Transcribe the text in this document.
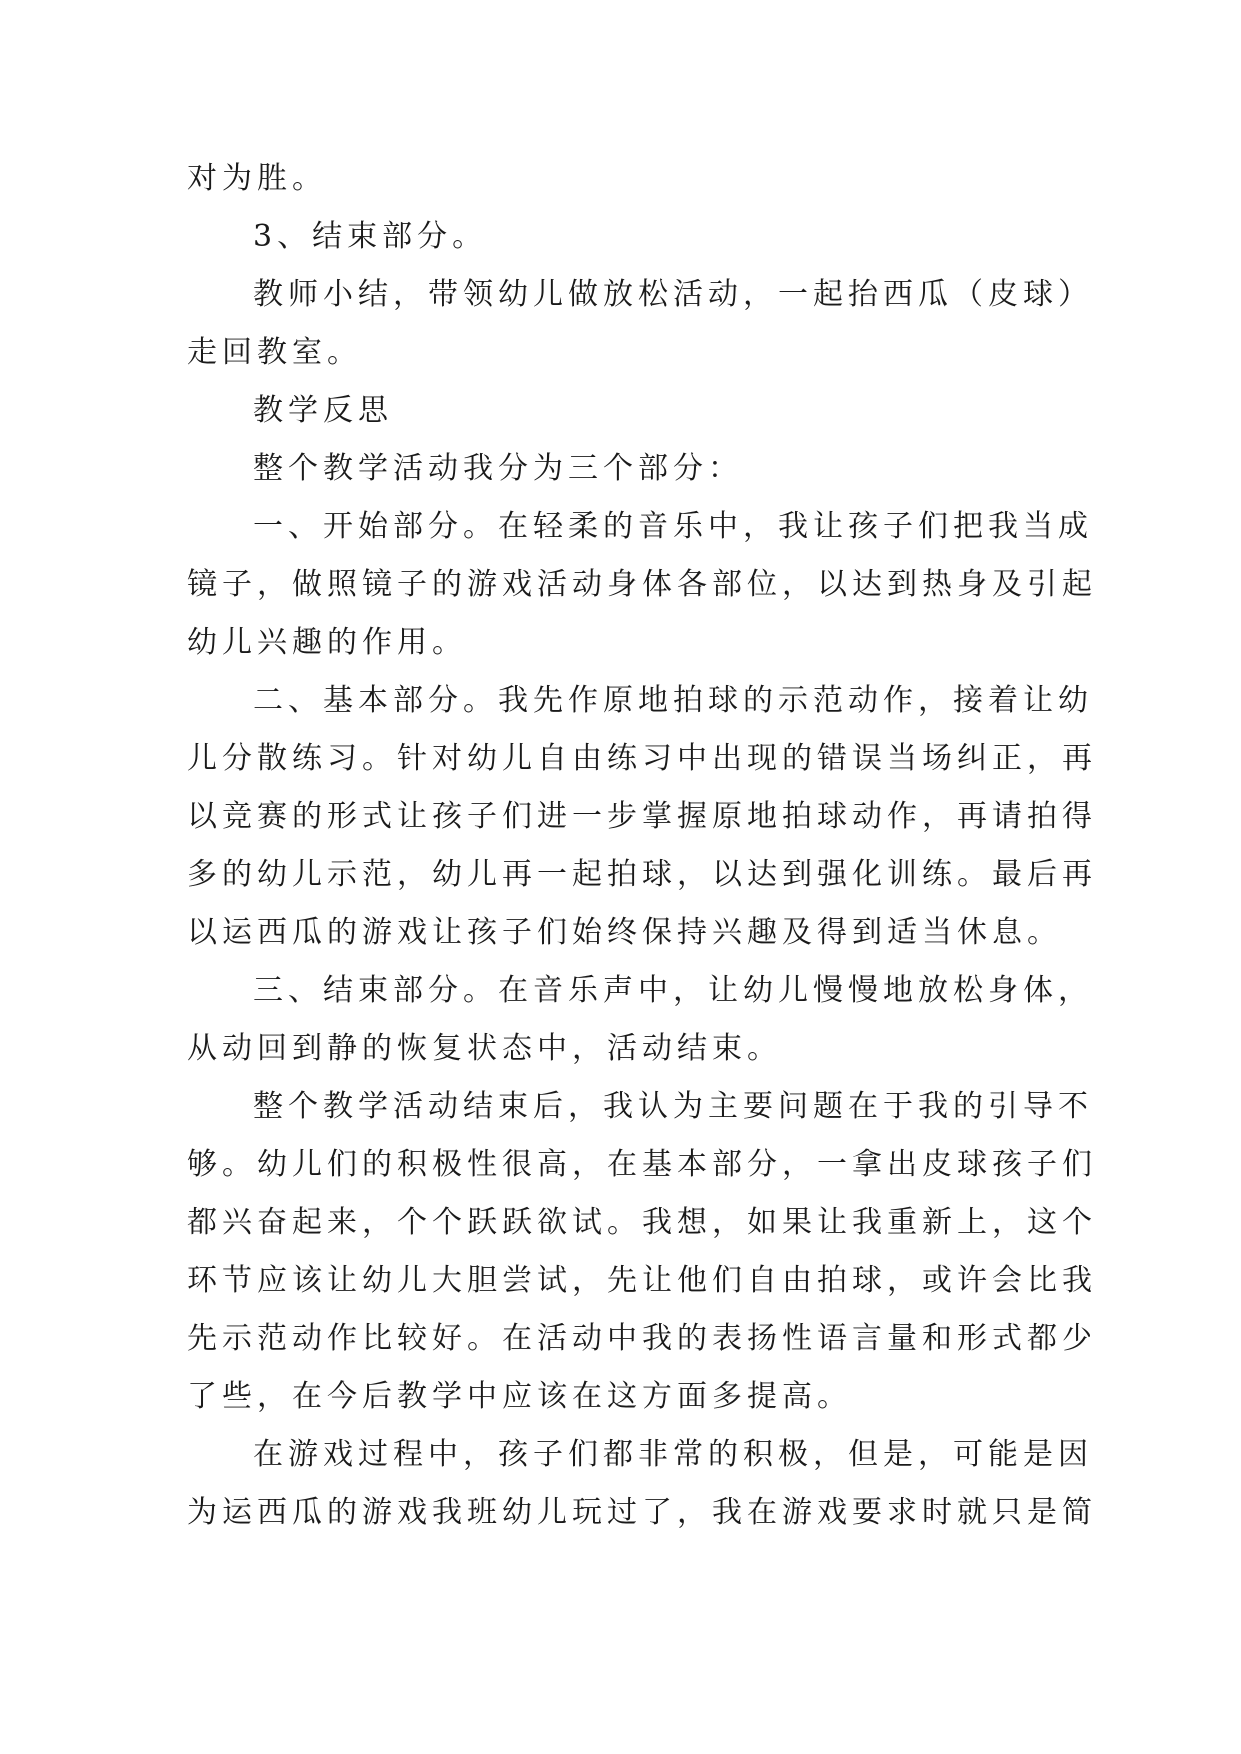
对为胜。
3、结束部分。
教师小结，带领幼儿做放松活动，一起抬西瓜（皮球）
走回教室。
教学反思
整个教学活动我分为三个部分：
一、开始部分。在轻柔的音乐中，我让孩子们把我当成
镜子，做照镜子的游戏活动身体各部位，以达到热身及引起
幼儿兴趣的作用。
二、基本部分。我先作原地拍球的示范动作，接着让幼
儿分散练习。针对幼儿自由练习中出现的错误当场纠正，再
以竞赛的形式让孩子们进一步掌握原地拍球动作，再请拍得
多的幼儿示范，幼儿再一起拍球，以达到强化训练。最后再
以运西瓜的游戏让孩子们始终保持兴趣及得到适当休息。
三、结束部分。在音乐声中，让幼儿慢慢地放松身体，
从动回到静的恢复状态中，活动结束。
整个教学活动结束后，我认为主要问题在于我的引导不
够。幼儿们的积极性很高，在基本部分，一拿出皮球孩子们
都兴奋起来，个个跃跃欲试。我想，如果让我重新上，这个
环节应该让幼儿大胆尝试，先让他们自由拍球，或许会比我
先示范动作比较好。在活动中我的表扬性语言量和形式都少
了些，在今后教学中应该在这方面多提高。
在游戏过程中，孩子们都非常的积极，但是，可能是因
为运西瓜的游戏我班幼儿玩过了，我在游戏要求时就只是简
